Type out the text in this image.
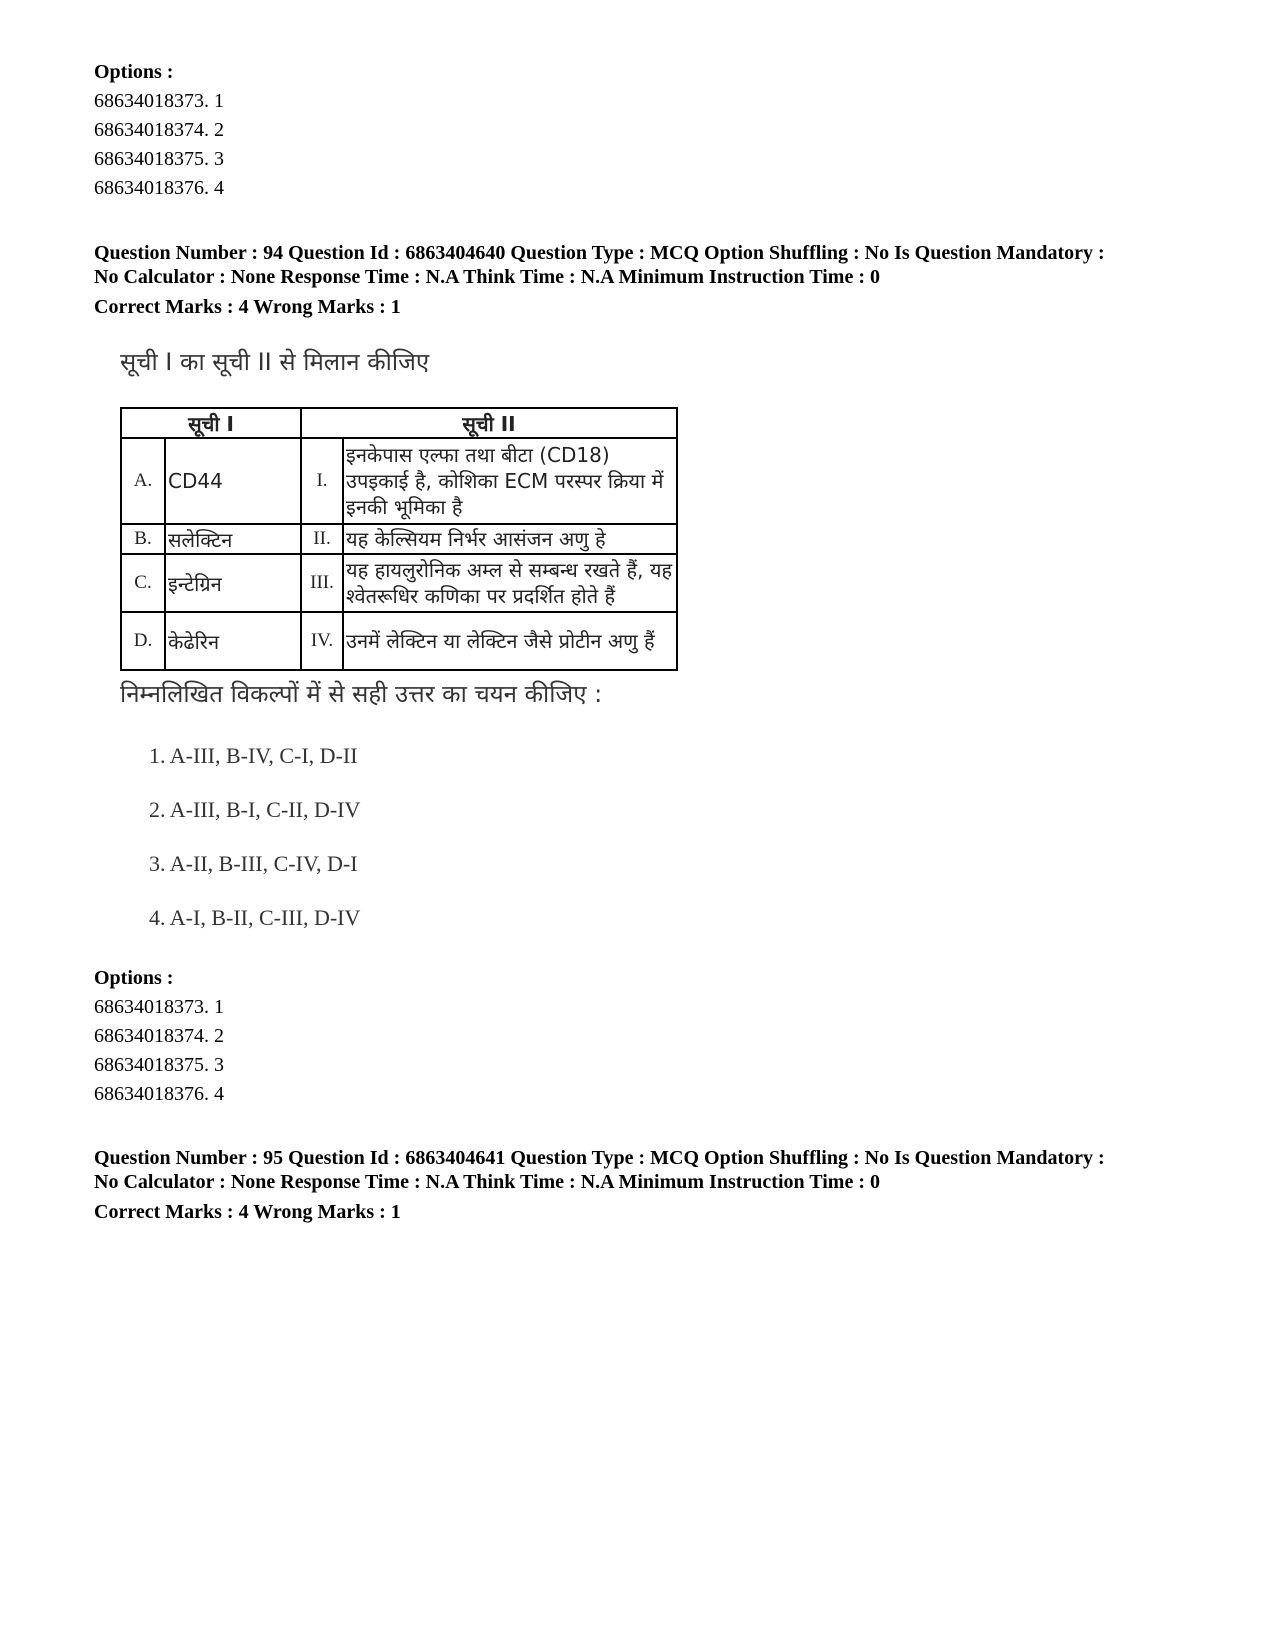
Options :
68634018373. 1
68634018374. 2
68634018375. 3
68634018376. 4
Question Number : 94 Question Id : 6863404640 Question Type : MCQ Option Shuffling : No Is Question Mandatory :
No Calculator : None Response Time : N.A Think Time : N.A Minimum Instruction Time : 0
Correct Marks : 4 Wrong Marks : 1
सूची I का सूची II से मिलान कीजिए
सूची I		सूची II	
A.	CD44	I.	इनकेपास एल्फा तथा बीटा (CD18) उपइकाई है, कोशिका ECM परस्पर क्रिया में इनकी भूमिका है
B.	सलेक्टिन	II.	यह केल्सियम निर्भर आसंजन अणु हे
C.	इन्टेग्रिन	III.	यह हायलुरोनिक अम्ल से सम्बन्ध रखते हैं, यह श्वेतरूधिर कणिका पर प्रदर्शित होते हैं
D.	केढेरिन	IV.	उनमें लेक्टिन या लेक्टिन जैसे प्रोटीन अणु हैं
निम्नलिखित विकल्पों में से सही उत्तर का चयन कीजिए :
1. A-III, B-IV, C-I, D-II
2. A-III, B-I, C-II, D-IV
3. A-II, B-III, C-IV, D-I
4. A-I, B-II, C-III, D-IV
Options :
68634018373. 1
68634018374. 2
68634018375. 3
68634018376. 4
Question Number : 95 Question Id : 6863404641 Question Type : MCQ Option Shuffling : No Is Question Mandatory :
No Calculator : None Response Time : N.A Think Time : N.A Minimum Instruction Time : 0
Correct Marks : 4 Wrong Marks : 1
